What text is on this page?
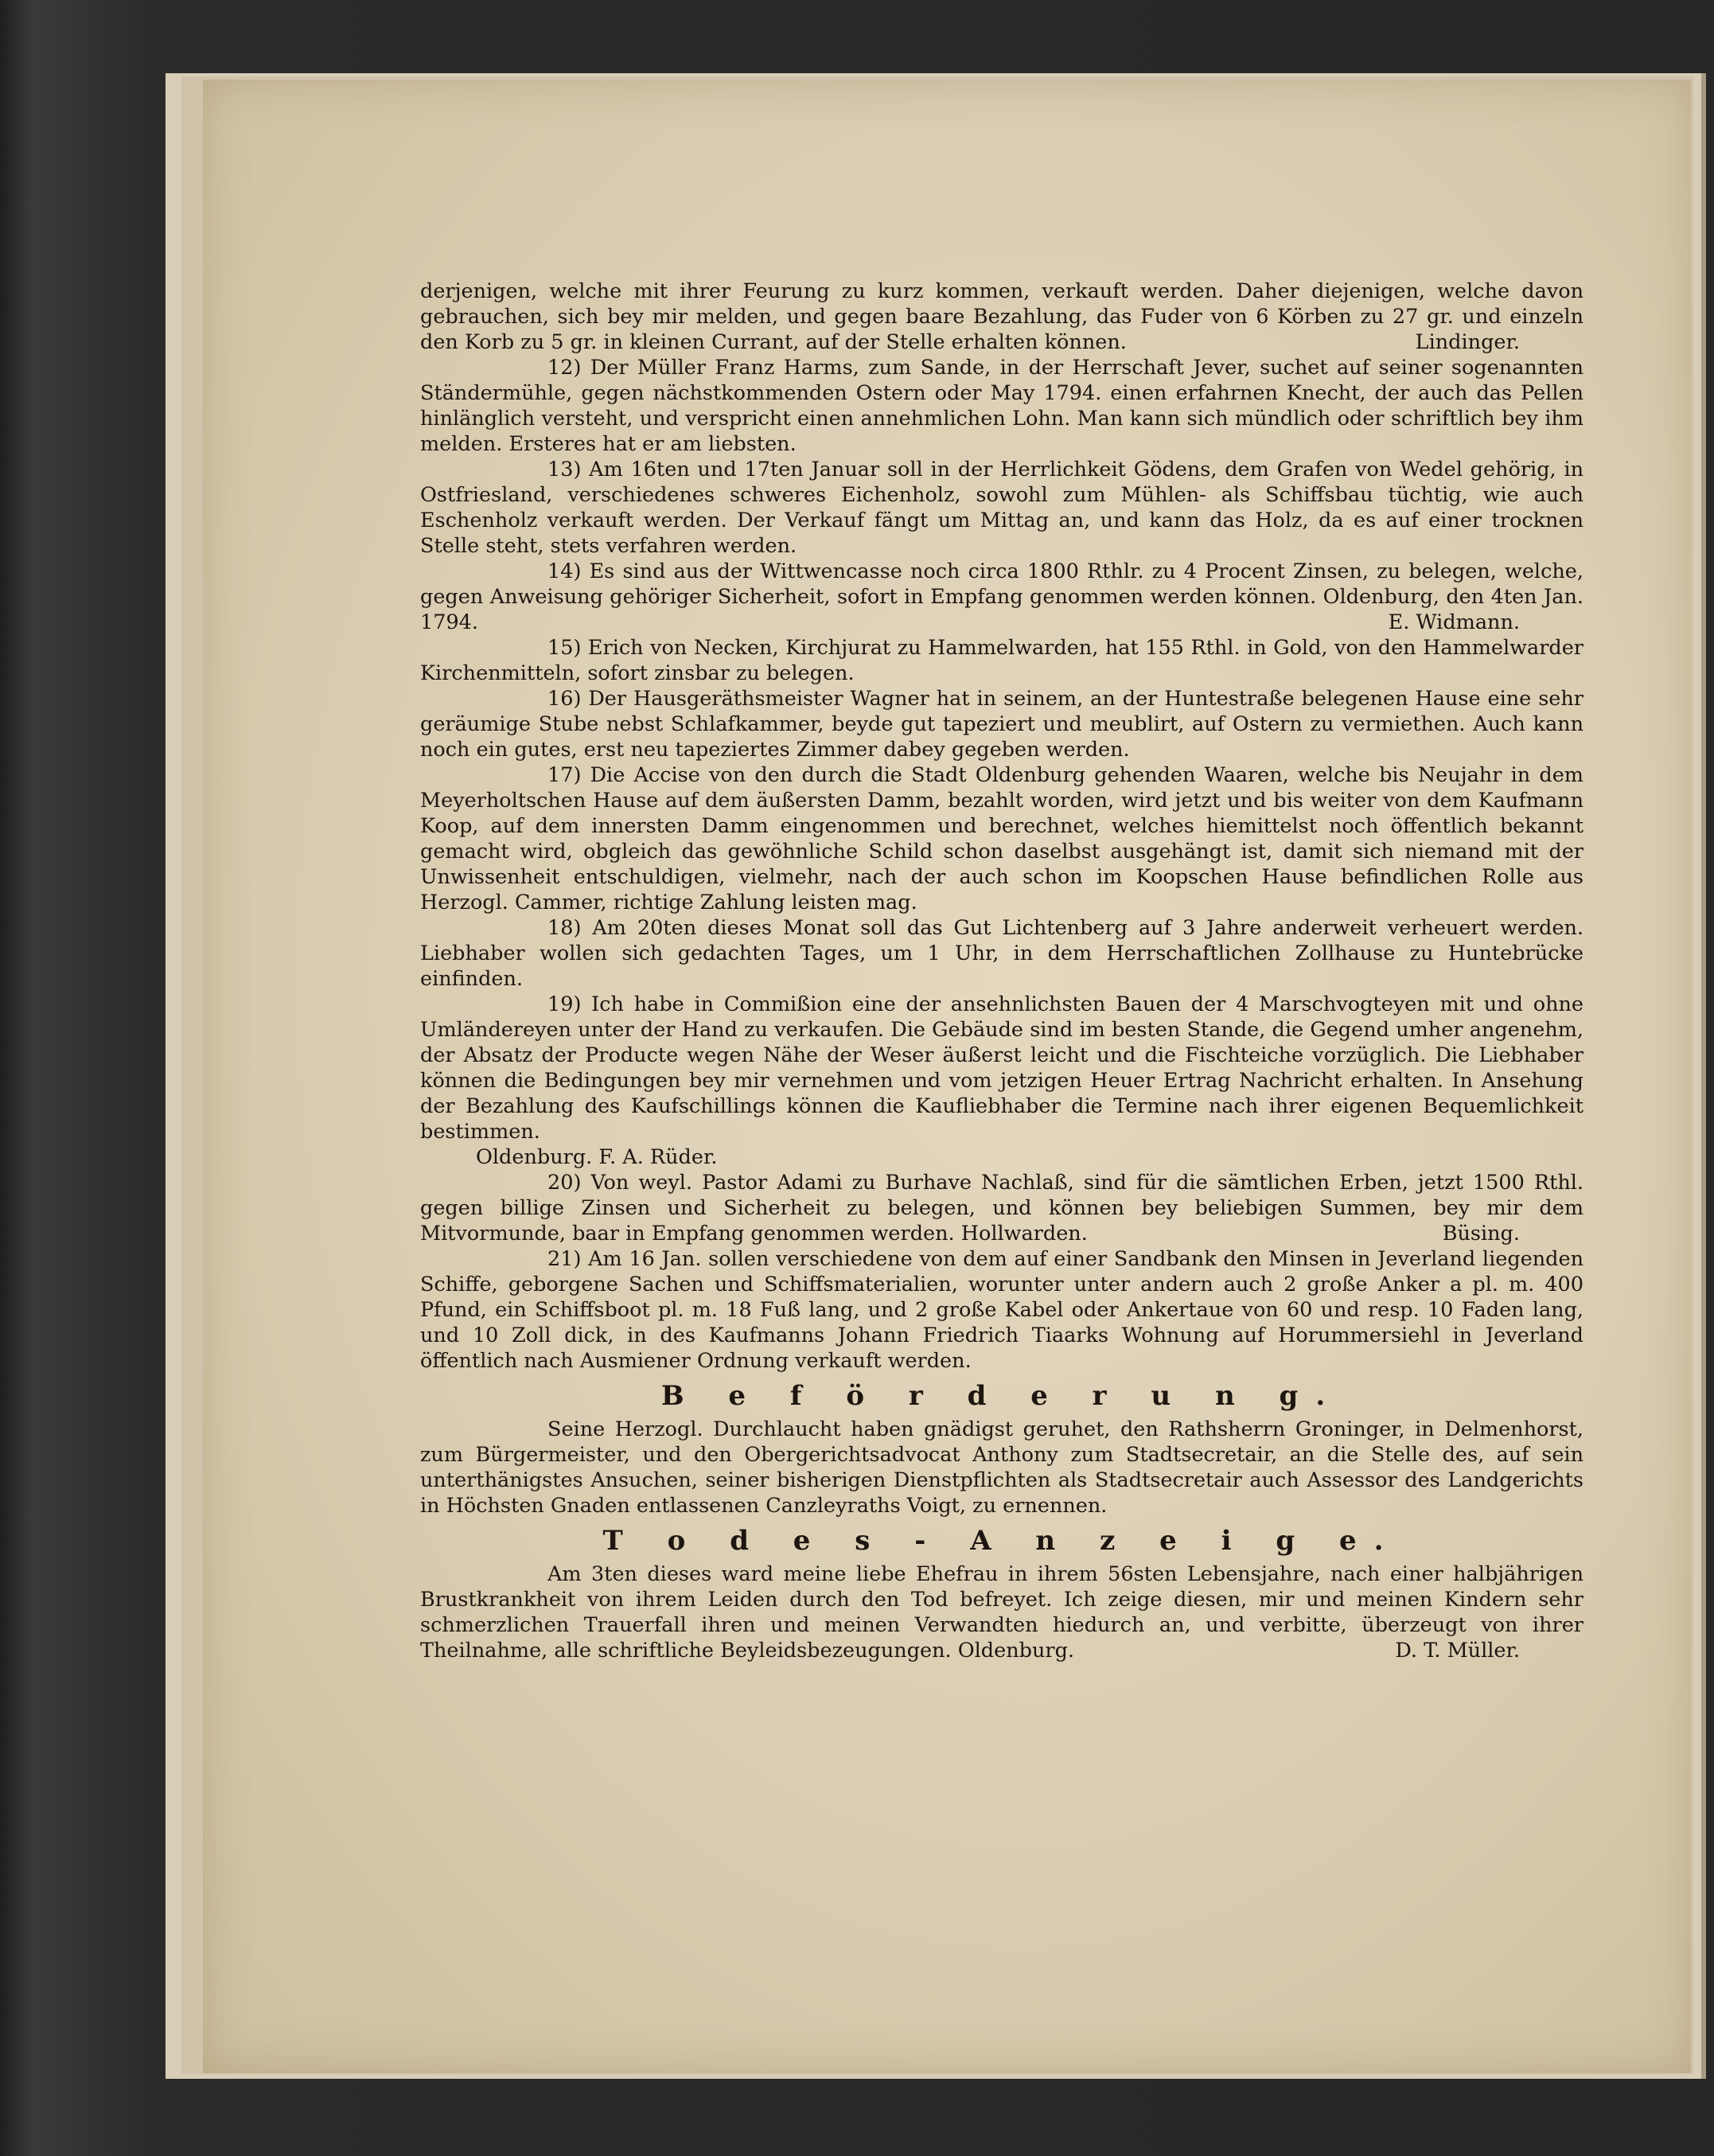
derjenigen, welche mit ihrer Feurung zu kurz kommen, verkauft werden. Daher diejenigen, welche davon gebrauchen, sich bey mir melden, und gegen baare Bezahlung, das Fuder von 6 Körben zu 27 gr. und einzeln den Korb zu 5 gr. in kleinen Currant, auf der Stelle erhalten können.	Lindinger.

12) Der Müller Franz Harms, zum Sande, in der Herrschaft Jever, suchet auf seiner sogenannten Ständermühle, gegen nächstkommenden Ostern oder May 1794. einen erfahrnen Knecht, der auch das Pellen hinlänglich versteht, und verspricht einen annehmlichen Lohn. Man kann sich mündlich oder schriftlich bey ihm melden. Ersteres hat er am liebsten.

13) Am 16ten und 17ten Januar soll in der Herrlichkeit Gödens, dem Grafen von Wedel gehörig, in Ostfriesland, verschiedenes schweres Eichenholz, sowohl zum Mühlen- als Schiffsbau tüchtig, wie auch Eschenholz verkauft werden. Der Verkauf fängt um Mittag an, und kann das Holz, da es auf einer trocknen Stelle steht, stets verfahren werden.

14) Es sind aus der Wittwencasse noch circa 1800 Rthlr. zu 4 Procent Zinsen, zu belegen, welche, gegen Anweisung gehöriger Sicherheit, sofort in Empfang genommen werden können. Oldenburg, den 4ten Jan. 1794.	E. Widmann.

15) Erich von Necken, Kirchjurat zu Hammelwarden, hat 155 Rthl. in Gold, von den Hammelwarder Kirchenmitteln, sofort zinsbar zu belegen.

16) Der Hausgeräthsmeister Wagner hat in seinem, an der Huntestraße belegenen Hause eine sehr geräumige Stube nebst Schlafkammer, beyde gut tapeziert und meublirt, auf Ostern zu vermiethen. Auch kann noch ein gutes, erst neu tapeziertes Zimmer dabey gegeben werden.

17) Die Accise von den durch die Stadt Oldenburg gehenden Waaren, welche bis Neujahr in dem Meyerholtschen Hause auf dem äußersten Damm, bezahlt worden, wird jetzt und bis weiter von dem Kaufmann Koop, auf dem innersten Damm eingenommen und berechnet, welches hiemittelst noch öffentlich bekannt gemacht wird, obgleich das gewöhnliche Schild schon daselbst ausgehängt ist, damit sich niemand mit der Unwissenheit entschuldigen, vielmehr, nach der auch schon im Koopschen Hause befindlichen Rolle aus Herzogl. Cammer, richtige Zahlung leisten mag.

18) Am 20ten dieses Monat soll das Gut Lichtenberg auf 3 Jahre anderweit verheuert werden. Liebhaber wollen sich gedachten Tages, um 1 Uhr, in dem Herrschaftlichen Zollhause zu Huntebrücke einfinden.

19) Ich habe in Commißion eine der ansehnlichsten Bauen der 4 Marschvogteyen mit und ohne Umländereyen unter der Hand zu verkaufen. Die Gebäude sind im besten Stande, die Gegend umher angenehm, der Absatz der Producte wegen Nähe der Weser äußerst leicht und die Fischteiche vorzüglich. Die Liebhaber können die Bedingungen bey mir vernehmen und vom jetzigen Heuer Ertrag Nachricht erhalten. In Ansehung der Bezahlung des Kaufschillings können die Kaufliebhaber die Termine nach ihrer eigenen Bequemlichkeit bestimmen.

Oldenburg. F. A. Rüder.

20) Von weyl. Pastor Adami zu Burhave Nachlaß, sind für die sämtlichen Erben, jetzt 1500 Rthl. gegen billige Zinsen und Sicherheit zu belegen, und können bey beliebigen Summen, bey mir dem Mitvormunde, baar in Empfang genommen werden. Hollwarden.	Büsing.

21) Am 16 Jan. sollen verschiedene von dem auf einer Sandbank den Minsen in Jeverland liegenden Schiffe, geborgene Sachen und Schiffsmaterialien, worunter unter andern auch 2 große Anker a pl. m. 400 Pfund, ein Schiffsboot pl. m. 18 Fuß lang, und 2 große Kabel oder Ankertaue von 60 und resp. 10 Faden lang, und 10 Zoll dick, in des Kaufmanns Johann Friedrich Tiaarks Wohnung auf Horummersiehl in Jeverland öffentlich nach Ausmiener Ordnung verkauft werden.

B e f ö r d e r u n g.

Seine Herzogl. Durchlaucht haben gnädigst geruhet, den Rathsherrn Groninger, in Delmenhorst, zum Bürgermeister, und den Obergerichtsadvocat Anthony zum Stadtsecretair, an die Stelle des, auf sein unterthänigstes Ansuchen, seiner bisherigen Dienstpflichten als Stadtsecretair auch Assessor des Landgerichts in Höchsten Gnaden entlassenen Canzleyraths Voigt, zu ernennen.

T o d e s - A n z e i g e.

Am 3ten dieses ward meine liebe Ehefrau in ihrem 56sten Lebensjahre, nach einer halbjährigen Brustkrankheit von ihrem Leiden durch den Tod befreyet. Ich zeige diesen, mir und meinen Kindern sehr schmerzlichen Trauerfall ihren und meinen Verwandten hiedurch an, und verbitte, überzeugt von ihrer Theilnahme, alle schriftliche Beyleidsbezeugungen. Oldenburg.	D. T. Müller.
